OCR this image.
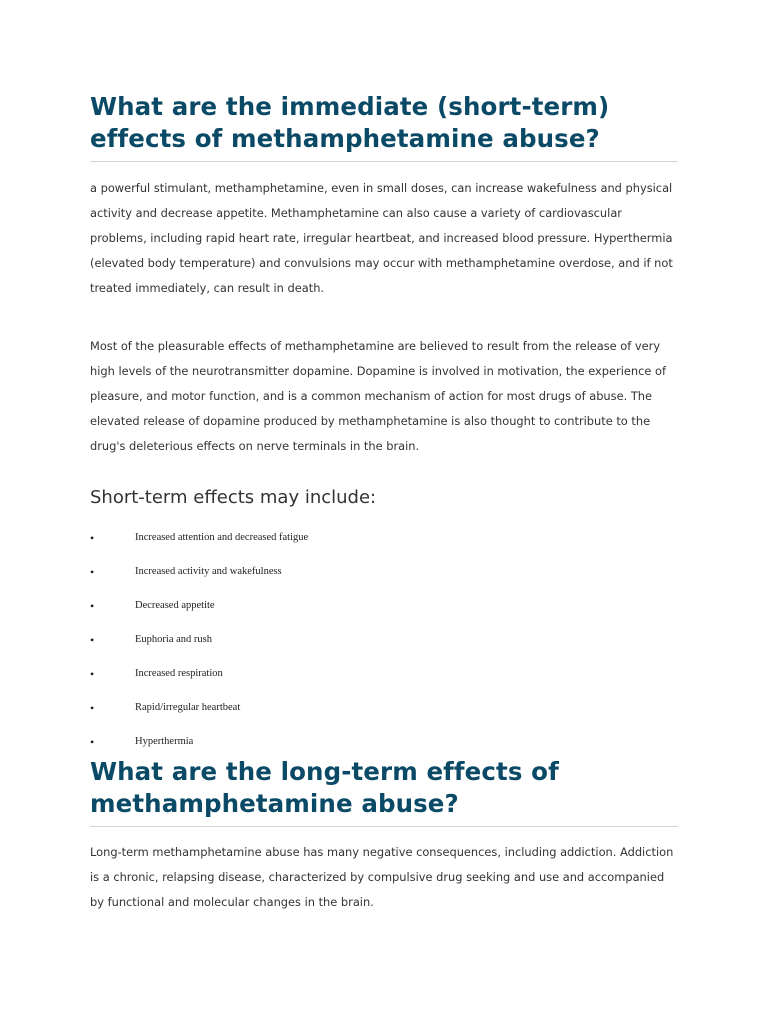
What are the immediate (short-term) effects of methamphetamine abuse?

a powerful stimulant, methamphetamine, even in small doses, can increase wakefulness and physical activity and decrease appetite. Methamphetamine can also cause a variety of cardiovascular problems, including rapid heart rate, irregular heartbeat, and increased blood pressure. Hyperthermia (elevated body temperature) and convulsions may occur with methamphetamine overdose, and if not treated immediately, can result in death.

Most of the pleasurable effects of methamphetamine are believed to result from the release of very high levels of the neurotransmitter dopamine. Dopamine is involved in motivation, the experience of pleasure, and motor function, and is a common mechanism of action for most drugs of abuse. The elevated release of dopamine produced by methamphetamine is also thought to contribute to the drug's deleterious effects on nerve terminals in the brain.

Short-term effects may include:
•	Increased attention and decreased fatigue
•	Increased activity and wakefulness
•	Decreased appetite
•	Euphoria and rush
•	Increased respiration
•	Rapid/irregular heartbeat
•	Hyperthermia
What are the long-term effects of methamphetamine abuse?

Long-term methamphetamine abuse has many negative consequences, including addiction. Addiction is a chronic, relapsing disease, characterized by compulsive drug seeking and use and accompanied by functional and molecular changes in the brain.
